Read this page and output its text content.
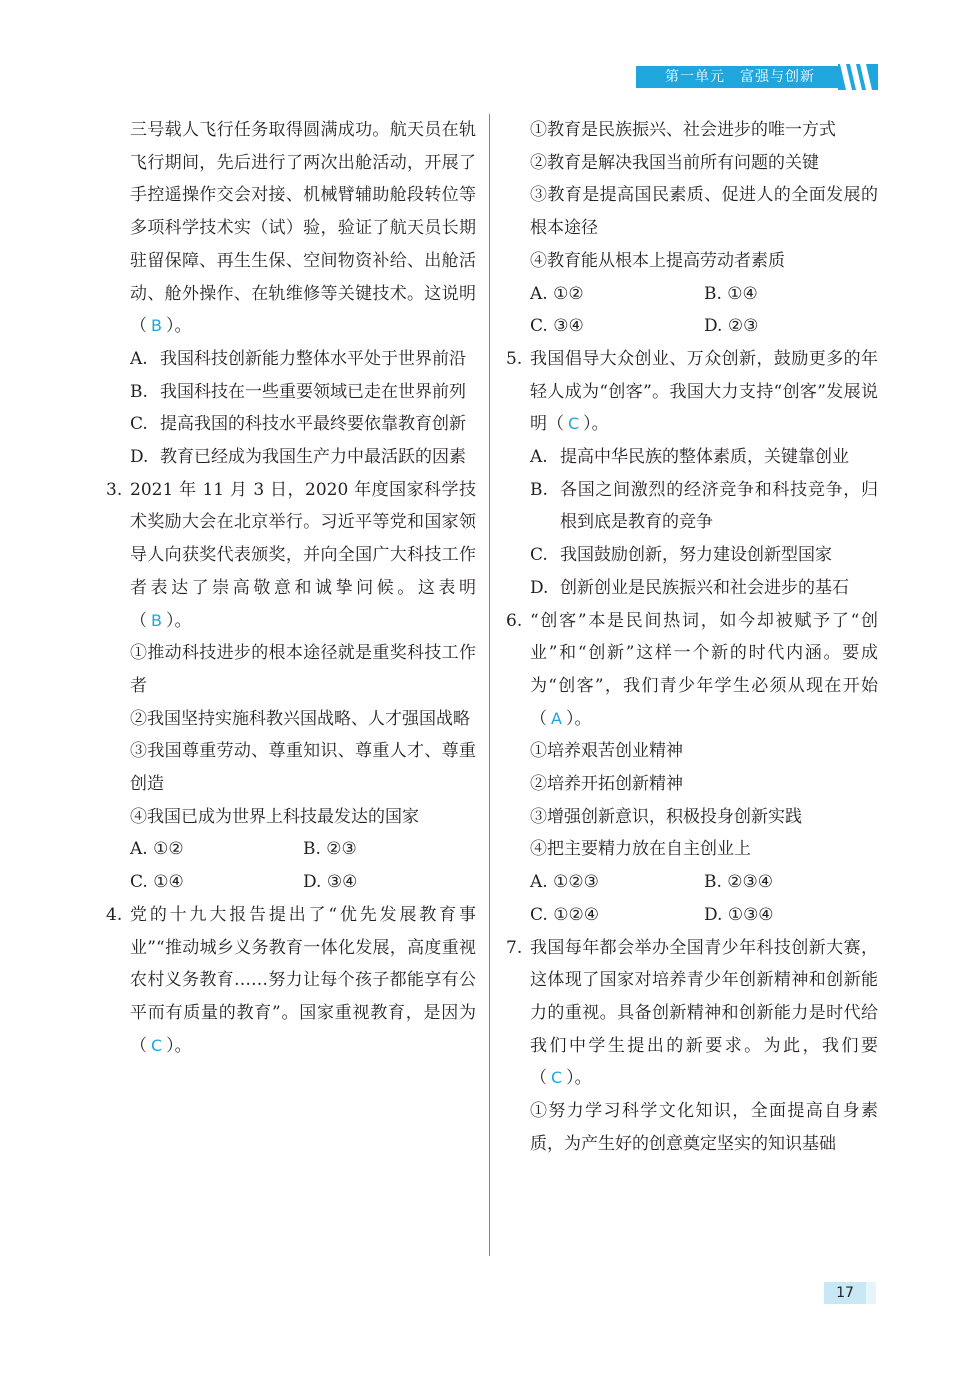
第一单元　富强与创新
三号载人飞行任务取得圆满成功。航天员在轨飞行期间，先后进行了两次出舱活动，开展了手控遥操作交会对接、机械臂辅助舱段转位等多项科学技术实（试）验，验证了航天员长期驻留保障、再生生保、空间物资补给、出舱活动、舱外操作、在轨维修等关键技术。这说明（ B ）。
A. 我国科技创新能力整体水平处于世界前沿
B. 我国科技在一些重要领域已走在世界前列
C. 提高我国的科技水平最终要依靠教育创新
D. 教育已经成为我国生产力中最活跃的因素
3. 2021 年 11 月 3 日，2020 年度国家科学技术奖励大会在北京举行。习近平等党和国家领导人向获奖代表颁奖，并向全国广大科技工作者表达了崇高敬意和诚挚问候。这表明（ B ）。
①推动科技进步的根本途径就是重奖科技工作者
②我国坚持实施科教兴国战略、人才强国战略
③我国尊重劳动、尊重知识、尊重人才、尊重创造
④我国已成为世界上科技最发达的国家
A. ①②	B. ②③
C. ①④	D. ③④
4. 党的十九大报告提出了“优先发展教育事业”“推动城乡义务教育一体化发展，高度重视农村义务教育……努力让每个孩子都能享有公平而有质量的教育”。国家重视教育，是因为（ C ）。
①教育是民族振兴、社会进步的唯一方式
②教育是解决我国当前所有问题的关键
③教育是提高国民素质、促进人的全面发展的根本途径
④教育能从根本上提高劳动者素质
A. ①②	B. ①④
C. ③④	D. ②③
5. 我国倡导大众创业、万众创新，鼓励更多的年轻人成为“创客”。我国大力支持“创客”发展说明（ C ）。
A. 提高中华民族的整体素质，关键靠创业
B. 各国之间激烈的经济竞争和科技竞争，归根到底是教育的竞争
C. 我国鼓励创新，努力建设创新型国家
D. 创新创业是民族振兴和社会进步的基石
6. “创客”本是民间热词，如今却被赋予了“创业”和“创新”这样一个新的时代内涵。要成为“创客”，我们青少年学生必须从现在开始（ A ）。
①培养艰苦创业精神
②培养开拓创新精神
③增强创新意识，积极投身创新实践
④把主要精力放在自主创业上
A. ①②③	B. ②③④
C. ①②④	D. ①③④
7. 我国每年都会举办全国青少年科技创新大赛，这体现了国家对培养青少年创新精神和创新能力的重视。具备创新精神和创新能力是时代给我们中学生提出的新要求。为此，我们要（ C ）。
①努力学习科学文化知识，全面提高自身素质，为产生好的创意奠定坚实的知识基础
17
